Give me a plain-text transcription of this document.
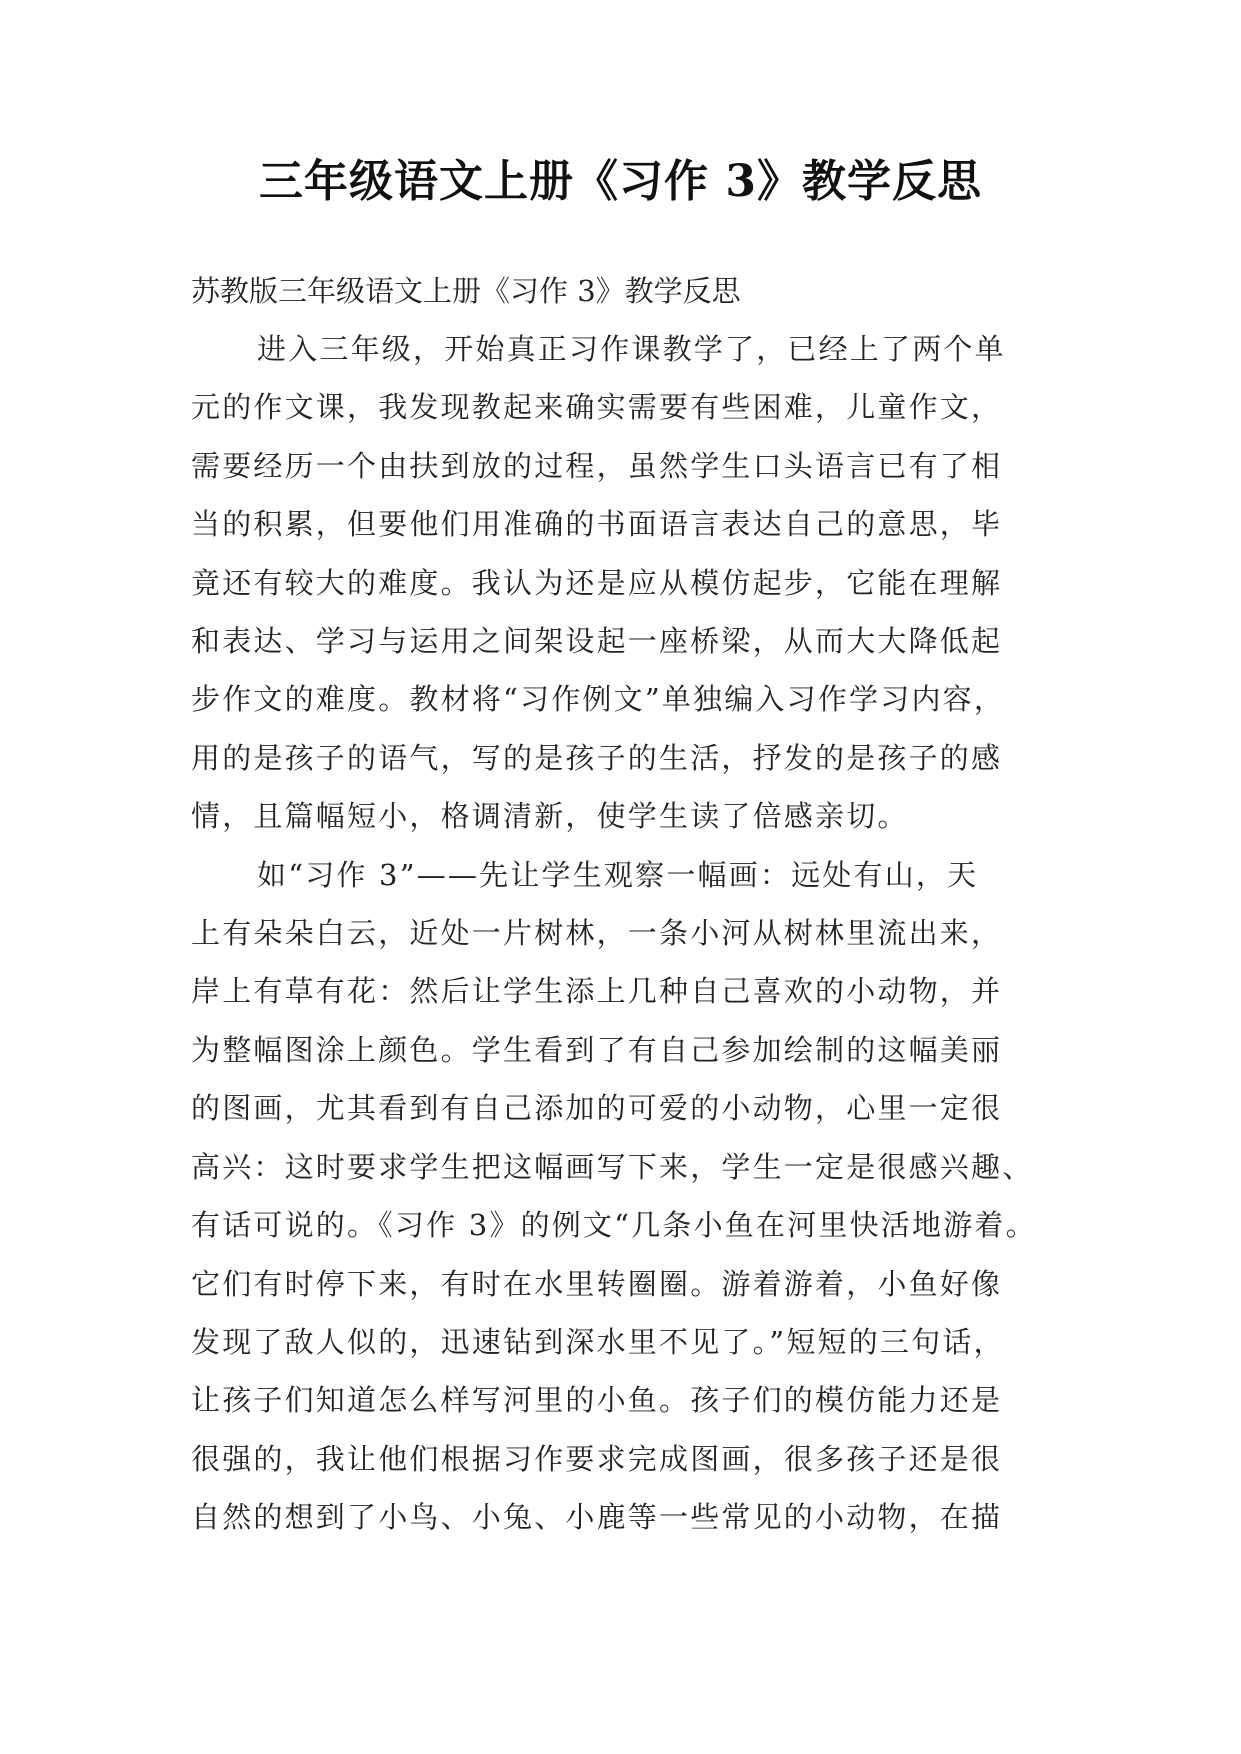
三年级语文上册《习作 3》教学反思

苏教版三年级语文上册《习作 3》教学反思

进入三年级，开始真正习作课教学了，已经上了两个单

元的作文课，我发现教起来确实需要有些困难，儿童作文，

需要经历一个由扶到放的过程，虽然学生口头语言已有了相

当的积累，但要他们用准确的书面语言表达自己的意思，毕

竟还有较大的难度。我认为还是应从模仿起步，它能在理解

和表达、学习与运用之间架设起一座桥梁，从而大大降低起

步作文的难度。教材将“习作例文”单独编入习作学习内容，

用的是孩子的语气，写的是孩子的生活，抒发的是孩子的感

情，且篇幅短小，格调清新，使学生读了倍感亲切。

如“习作 3”——先让学生观察一幅画：远处有山，天

上有朵朵白云，近处一片树林，一条小河从树林里流出来，

岸上有草有花：然后让学生添上几种自己喜欢的小动物，并

为整幅图涂上颜色。学生看到了有自己参加绘制的这幅美丽

的图画，尤其看到有自己添加的可爱的小动物，心里一定很

高兴：这时要求学生把这幅画写下来，学生一定是很感兴趣、

有话可说的。《习作 3》的例文“几条小鱼在河里快活地游着。

它们有时停下来，有时在水里转圈圈。游着游着，小鱼好像

发现了敌人似的，迅速钻到深水里不见了。”短短的三句话，

让孩子们知道怎么样写河里的小鱼。孩子们的模仿能力还是

很强的，我让他们根据习作要求完成图画，很多孩子还是很

自然的想到了小鸟、小兔、小鹿等一些常见的小动物，在描
